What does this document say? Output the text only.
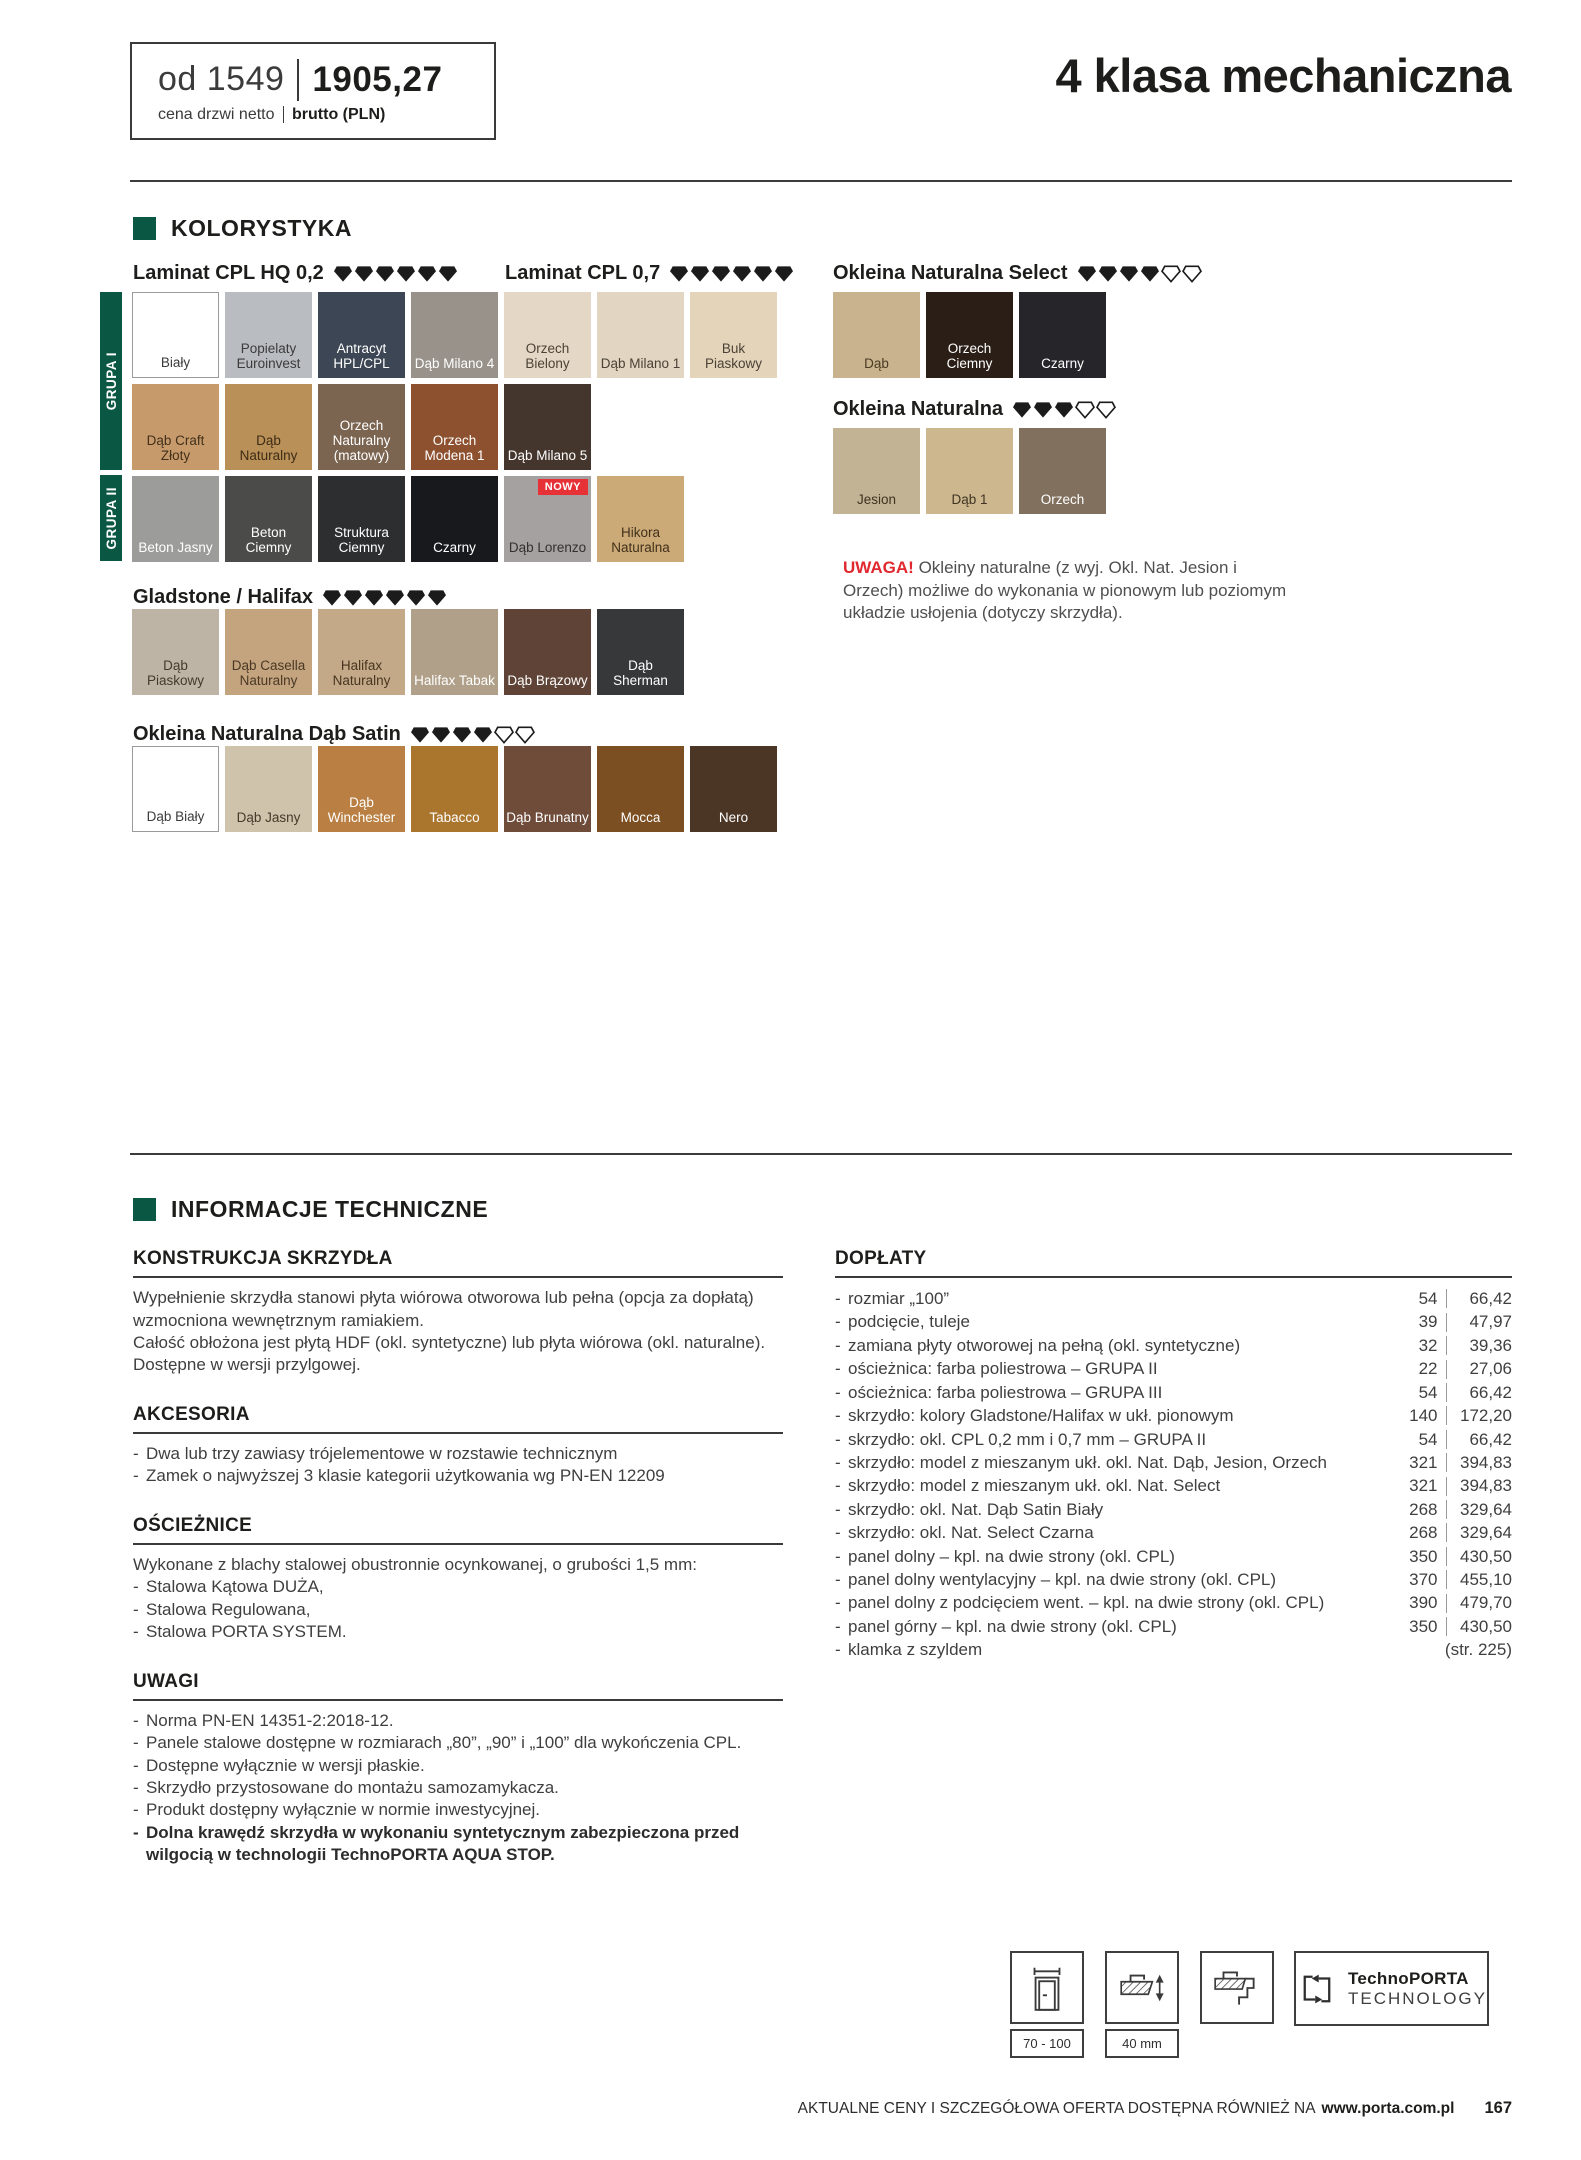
od 1549 1905,27
cena drzwi netto brutto (PLN)
4 klasa mechaniczna
KOLORYSTYKA
Laminat CPL HQ 0,2	Laminat CPL 0,7	Okleina Naturalna Select
GRUPA I
GRUPA II
Biały
Popielaty Euroinvest
Antracyt HPL/CPL	Dąb Milano 4
Orzech Bielony	Dąb Milano 1
Buk Piaskowy
Dąb Craft Złoty
Dąb Naturalny
Orzech Naturalny (matowy)
Orzech Modena 1	Dąb Milano 5
Beton Jasny
Beton Ciemny
Struktura Ciemny	Czarny
NOWY
Dąb Lorenzo
Hikora Naturalna
Dąb
Orzech Ciemny	Czarny
Okleina Naturalna
Jesion	Dąb 1	Orzech
UWAGA! Okleiny naturalne (z wyj. Okl. Nat. Jesion i Orzech) możliwe do wykonania w pionowym lub poziomym układzie usłojenia (dotyczy skrzydła).
Gladstone / Halifax
Dąb Piaskowy
Dąb Casella Naturalny
Halifax Naturalny	Halifax Tabak Dąb Brązowy
Dąb Sherman
Okleina Naturalna Dąb Satin
Dąb Biały Dąb Jasny
Dąb Winchester	Tabacco Dąb Brunatny Mocca	Nero
INFORMACJE TECHNICZNE
KONSTRUKCJA SKRZYDŁA
Wypełnienie skrzydła stanowi płyta wiórowa otworowa lub pełna (opcja za dopłatą) wzmocniona wewnętrznym ramiakiem.
Całość obłożona jest płytą HDF (okl. syntetyczne) lub płyta wiórowa (okl. naturalne).
Dostępne w wersji przylgowej.
AKCESORIA
- Dwa lub trzy zawiasy trójelementowe w rozstawie technicznym
- Zamek o najwyższej 3 klasie kategorii użytkowania wg PN-EN 12209
OŚCIEŻNICE

Wykonane z blachy stalowej obustronnie ocynkowanej, o grubości 1,5 mm:

- Stalowa Kątowa DUŻA,
- Stalowa Regulowana,
- Stalowa PORTA SYSTEM.
UWAGI
- Norma PN-EN 14351-2:2018-12.
- Panele stalowe dostępne w rozmiarach „80”, „90” i „100” dla wykończenia CPL.
- Dostępne wyłącznie w wersji płaskie.
- Skrzydło przystosowane do montażu samozamykacza.
- Produkt dostępny wyłącznie w normie inwestycyjnej.
- Dolna krawędź skrzydła w wykonaniu syntetycznym zabezpieczona przed wilgocią w technologii TechnoPORTA AQUA STOP.
DOPŁATY
- rozmiar „100”	54	66,42
- podcięcie, tuleje	39	47,97
- zamiana płyty otworowej na pełną (okl. syntetyczne)	32	39,36
- ościeżnica: farba poliestrowa – GRUPA II	22	27,06
- ościeżnica: farba poliestrowa – GRUPA III	54	66,42
- skrzydło: kolory Gladstone/Halifax w ukł. pionowym	140 172,20
- skrzydło: okl. CPL 0,2 mm i 0,7 mm – GRUPA II	54	66,42
- skrzydło: model z mieszanym ukł. okl. Nat. Dąb, Jesion, Orzech	321 394,83
- skrzydło: model z mieszanym ukł. okl. Nat. Select	321 394,83
- skrzydło: okl. Nat. Dąb Satin Biały	268 329,64
- skrzydło: okl. Nat. Select Czarna	268 329,64
- panel dolny – kpl. na dwie strony (okl. CPL)	350 430,50
- panel dolny wentylacyjny – kpl. na dwie strony (okl. CPL)	370 455,10
- panel dolny z podcięciem went. – kpl. na dwie strony (okl. CPL)	390 479,70
- panel górny – kpl. na dwie strony (okl. CPL)	350 430,50
- klamka z szyldem	(str. 225)
70 - 100	40 mm
TechnoPORTA
TECHNOLOGY
AKTUALNE CENY I SZCZEGÓŁOWA OFERTA DOSTĘPNA RÓWNIEŻ NA www.porta.com.pl 167
